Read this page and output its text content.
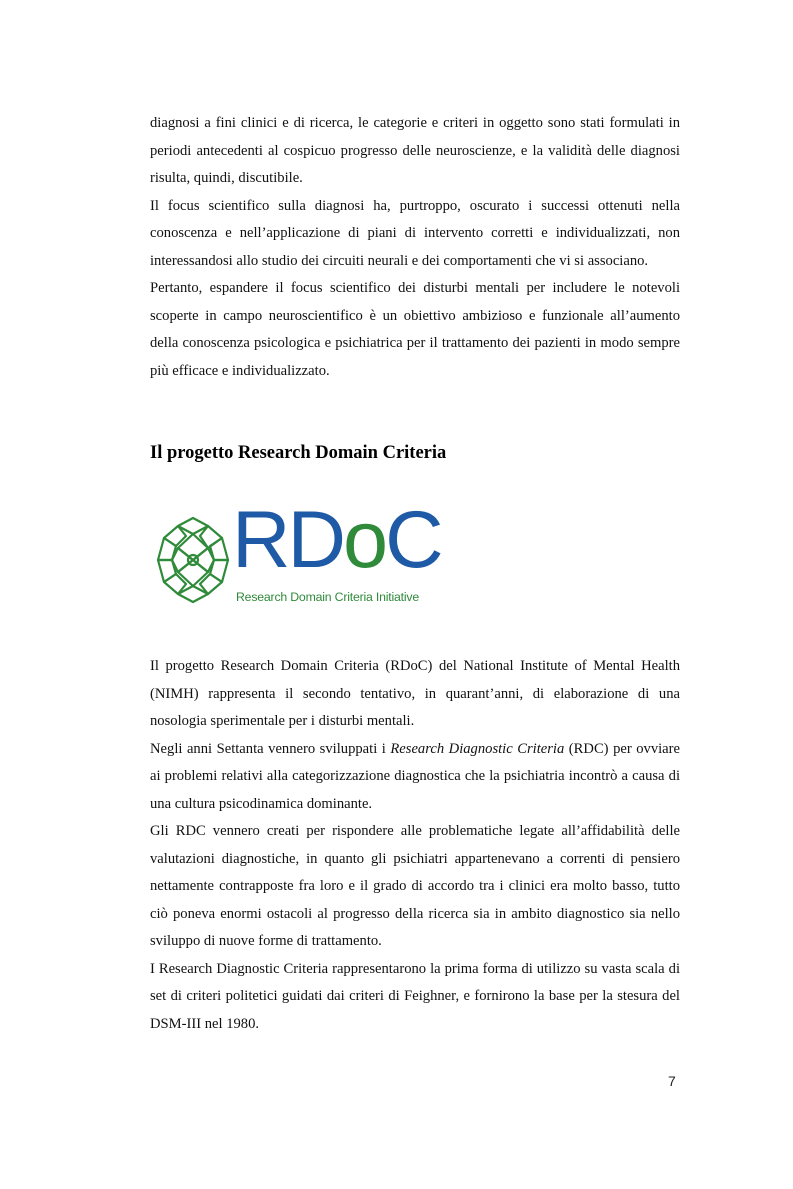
diagnosi a fini clinici e di ricerca, le categorie e criteri in oggetto sono stati formulati in periodi antecedenti al cospicuo progresso delle neuroscienze, e la validità delle diagnosi risulta, quindi, discutibile.

Il focus scientifico sulla diagnosi ha, purtroppo, oscurato i successi ottenuti nella conoscenza e nell’applicazione di piani di intervento corretti e individualizzati, non interessandosi allo studio dei circuiti neurali e dei comportamenti che vi si associano.

Pertanto, espandere il focus scientifico dei disturbi mentali per includere le notevoli scoperte in campo neuroscientifico è un obiettivo ambizioso e funzionale all’aumento della conoscenza psicologica e psichiatrica per il trattamento dei pazienti in modo sempre più efficace e individualizzato.

Il progetto Research Domain Criteria
RDoC
Research Domain Criteria Initiative

Il progetto Research Domain Criteria (RDoC) del National Institute of Mental Health (NIMH) rappresenta il secondo tentativo, in quarant’anni, di elaborazione di una nosologia sperimentale per i disturbi mentali.

Negli anni Settanta vennero sviluppati i Research Diagnostic Criteria (RDC) per ovviare ai problemi relativi alla categorizzazione diagnostica che la psichiatria incontrò a causa di una cultura psicodinamica dominante.

Gli RDC vennero creati per rispondere alle problematiche legate all’affidabilità delle valutazioni diagnostiche, in quanto gli psichiatri appartenevano a correnti di pensiero nettamente contrapposte fra loro e il grado di accordo tra i clinici era molto basso, tutto ciò poneva enormi ostacoli al progresso della ricerca sia in ambito diagnostico sia nello sviluppo di nuove forme di trattamento.

I Research Diagnostic Criteria rappresentarono la prima forma di utilizzo su vasta scala di set di criteri politetici guidati dai criteri di Feighner, e fornirono la base per la stesura del DSM-III nel 1980.

7
